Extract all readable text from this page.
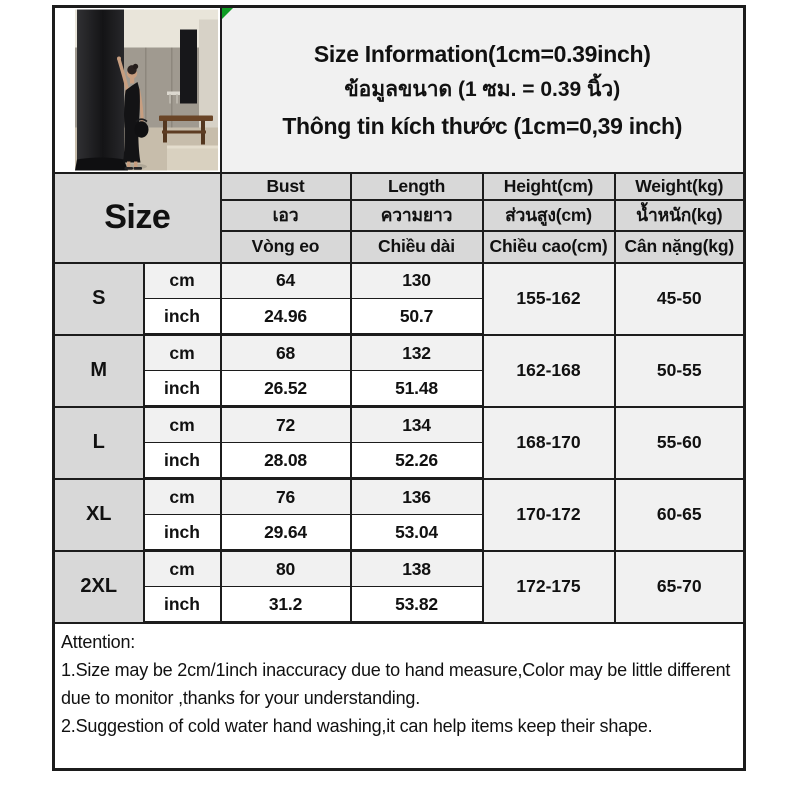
Size Information(1cm=0.39inch)
ข้อมูลขนาด (1 ซม. = 0.39 นิ้ว)
Thông tin kích thước (1cm=0,39 inch)			

Size		Bust	Length	Height(cm)	Weight(kg)
		เอว	ความยาว	ส่วนสูง(cm)	น้ำหนัก(kg)
		Vòng eo	Chiều dài	Chiều cao(cm)	Cân nặng(kg)
S	cm	64	130	155-162	45-50
	inch	24.96	50.7		
M	cm	68	132	162-168	50-55
	inch	26.52	51.48		
L	cm	72	134	168-170	55-60
	inch	28.08	52.26		
XL	cm	76	136	170-172	60-65
	inch	29.64	53.04		
2XL	cm	80	138	172-175	65-70
	inch	31.2	53.82		

Attention:
1.Size may be 2cm/1inch inaccuracy due to hand measure,Color may be little different
due to monitor ,thanks for your understanding.
2.Suggestion of cold water hand washing,it can help items keep their shape.					
